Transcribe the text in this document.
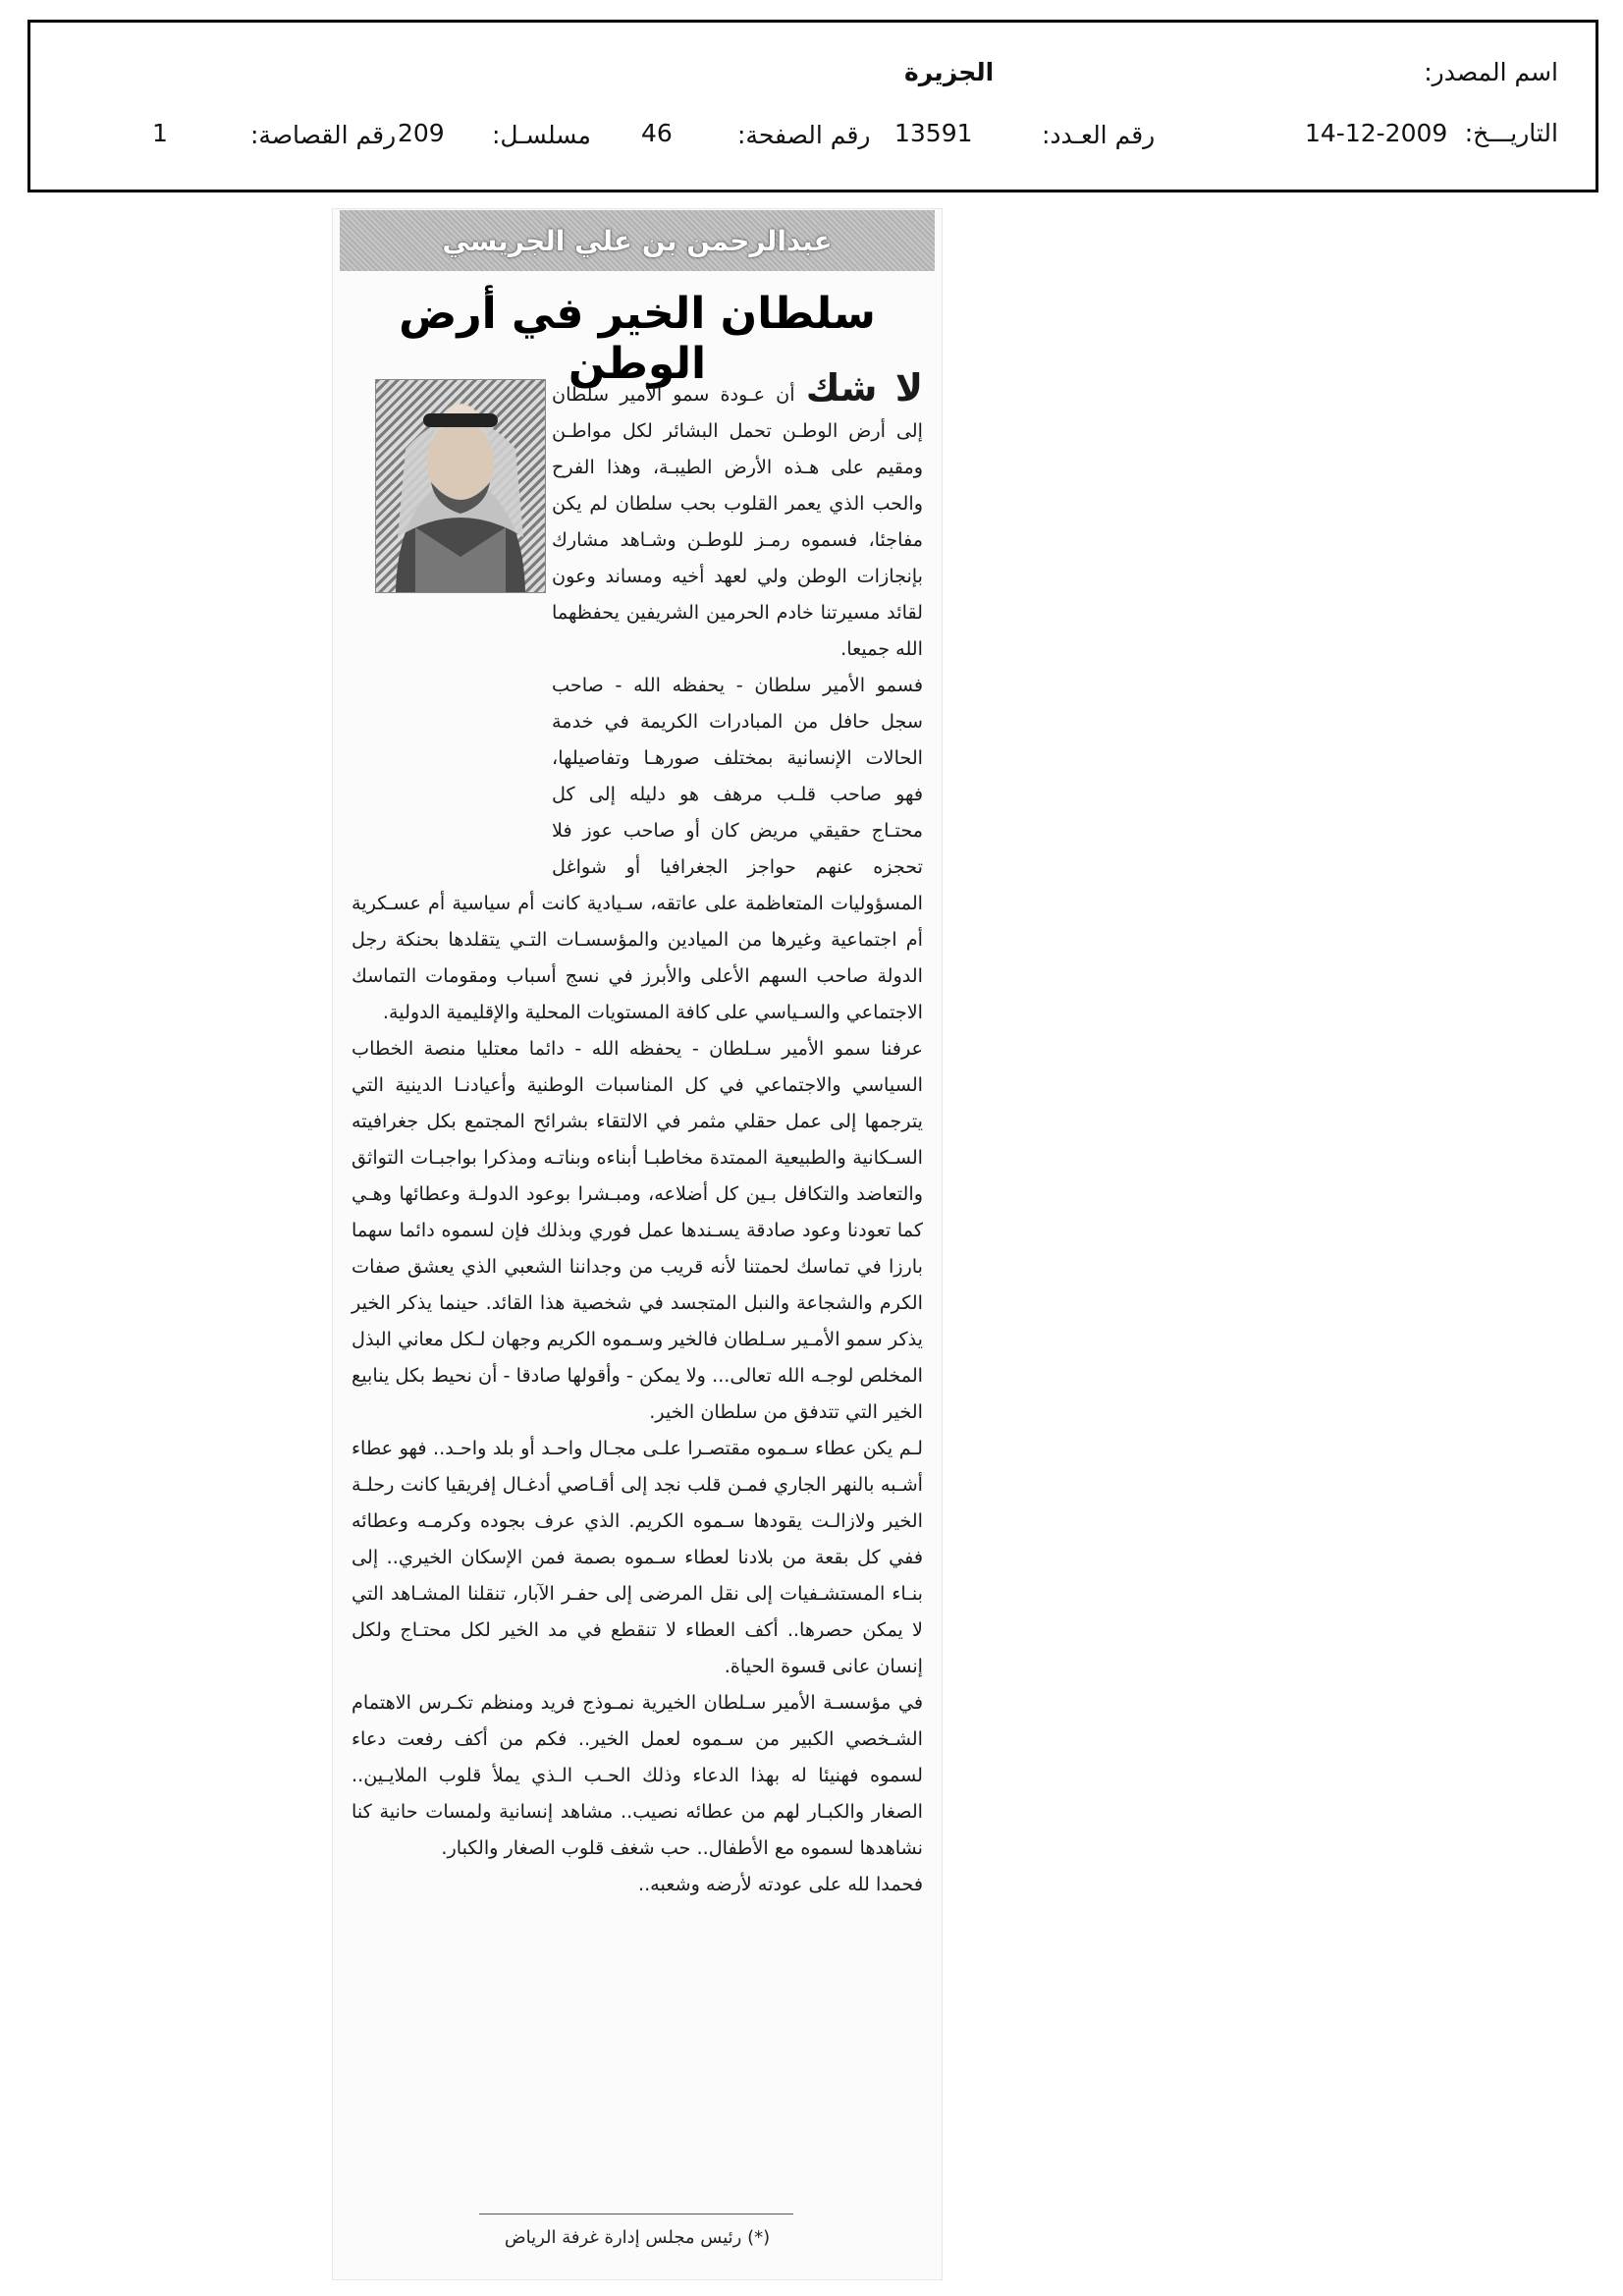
اسم المصدر:
الجزيرة
التاريـــخ:
14-12-2009
رقم العـدد:
13591
رقم الصفحة:
46
مسلسـل:
209
رقم القصاصة:
1
عبدالرحمن بن علي الجريسي
سلطان الخير في أرض الوطن	لا شك أن عـودة سمو الأمير سلطان إلى أرض الوطـن تحمل البشائر لكل مواطـن ومقيم على هـذه الأرض الطيبـة، وهذا الفرح والحب الذي يعمر القلوب بحب سلطان لم يكن مفاجئا، فسموه رمـز للوطـن وشـاهد مشارك بإنجازات الوطن ولي لعهد أخيه ومساند وعون لقائد مسيرتنا خادم الحرمين الشريفين يحفظهما الله جميعا.

فسمو الأمير سلطان - يحفظه الله - صاحب سجل حافل من المبادرات الكريمة في خدمة الحالات الإنسانية بمختلف صورهـا وتفاصيلها، فهو صاحب قلـب مرهف هو دليله إلى كل محتـاج حقيقي مريض كان أو صاحب عوز فلا تحجزه عنهم حواجز الجغرافيا أو شواغل المسؤوليات المتعاظمة على عاتقه، سـيادية كانت أم سياسية أم عسـكرية أم اجتماعية وغيرها من الميادين والمؤسسـات التـي يتقلدها بحنكة رجل الدولة صاحب السهم الأعلى والأبرز في نسج أسباب ومقومات التماسك الاجتماعي والسـياسي على كافة المستويات المحلية والإقليمية الدولية.

عرفنا سمو الأمير سـلطان - يحفظه الله - دائما معتليا منصة الخطاب السياسي والاجتماعي في كل المناسبات الوطنية وأعيادنـا الدينية التي يترجمها إلى عمل حقلي مثمر في الالتقاء بشرائح المجتمع بكل جغرافيته السـكانية والطبيعية الممتدة مخاطبـا أبناءه وبناتـه ومذكرا بواجبـات التواثق والتعاضد والتكافل بـين كل أضلاعه، ومبـشرا بوعود الدولـة وعطائها وهـي كما تعودنا وعود صادقة يسـندها عمل فوري وبذلك فإن لسموه دائما سهما بارزا في تماسك لحمتنا لأنه قريب من وجداننا الشعبي الذي يعشق صفات الكرم والشجاعة والنبل المتجسد في شخصية هذا القائد. حينما يذكر الخير يذكر سمو الأمـير سـلطان فالخير وسـموه الكريم وجهان لـكل معاني البذل المخلص لوجـه الله تعالى... ولا يمكن - وأقولها صادقا - أن نحيط بكل ينابيع الخير التي تتدفق من سلطان الخير.

لـم يكن عطاء سـموه مقتصـرا علـى مجـال واحـد أو بلد واحـد.. فهو عطاء أشـبه بالنهر الجاري فمـن قلب نجد إلى أقـاصي أدغـال إفريقيا كانت رحلـة الخير ولازالـت يقودها سـموه الكريم. الذي عرف بجوده وكرمـه وعطائه ففي كل بقعة من بلادنا لعطاء سـموه بصمة فمن الإسكان الخيري.. إلى بنـاء المستشـفيات إلى نقل المرضى إلى حفـر الآبار، تنقلنا المشـاهد التي لا يمكن حصرها.. أكف العطاء لا تنقطع في مد الخير لكل محتـاج ولكل إنسان عانى قسوة الحياة.

في مؤسسـة الأمير سـلطان الخيرية نمـوذج فريد ومنظم تكـرس الاهتمام الشـخصي الكبير من سـموه لعمل الخير.. فكم من أكف رفعت دعاء لسموه فهنيئا له بهذا الدعاء وذلك الحـب الـذي يملأ قلوب الملايـين.. الصغار والكبـار لهم من عطائه نصيب.. مشاهد إنسانية ولمسات حانية كنا نشاهدها لسموه مع الأطفال.. حب شغف قلوب الصغار والكبار.

فحمدا لله على عودته لأرضه وشعبه..

(*) رئيس مجلس إدارة غرفة الرياض
